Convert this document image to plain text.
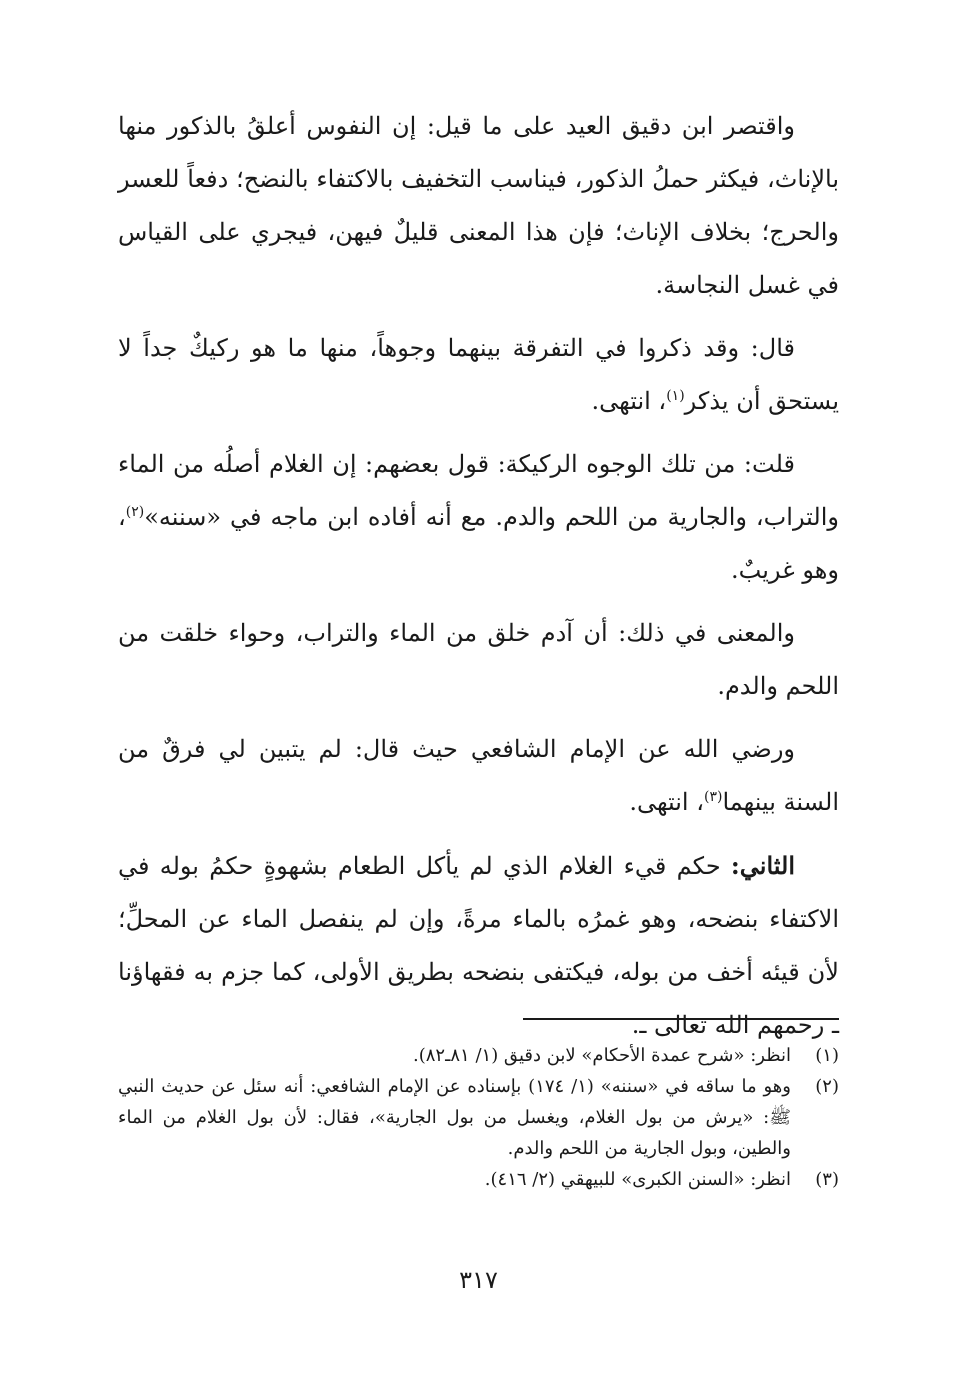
واقتصر ابن دقيق العيد على ما قيل: إن النفوس أعلقُ بالذكور منها بالإناث، فيكثر حملُ الذكور، فيناسب التخفيف بالاكتفاء بالنضح؛ دفعاً للعسر والحرج؛ بخلاف الإناث؛ فإن هذا المعنى قليلٌ فيهن، فيجري على القياس في غسل النجاسة.

قال: وقد ذكروا في التفرقة بينهما وجوهاً، منها ما هو ركيكٌ جداً لا يستحق أن يذكر$^{(١)}$، انتهى.

قلت: من تلك الوجوه الركيكة: قول بعضهم: إن الغلام أصلُه من الماء والتراب، والجارية من اللحم والدم. مع أنه أفاده ابن ماجه في «سننه»$^{(٢)}$، وهو غريبٌ.

والمعنى في ذلك: أن آدم خلق من الماء والتراب، وحواء خلقت من اللحم والدم.

ورضي الله عن الإمام الشافعي حيث قال: لم يتبين لي فرقٌ من السنة بينهما$^{(٣)}$، انتهى.

الثاني: حكم قيء الغلام الذي لم يأكل الطعام بشهوةٍ حكمُ بوله في الاكتفاء بنضحه، وهو غمرُه بالماء مرةً، وإن لم ينفصل الماء عن المحلِّ؛ لأن قيئه أخف من بوله، فيكتفى بنضحه بطريق الأولى، كما جزم به فقهاؤنا ـ رحمهم الله تعالى ـ.

(١)
انظر: «شرح عمدة الأحكام» لابن دقيق (١/ ٨١ـ٨٢).
(٢)
وهو ما ساقه في «سننه» (١/ ١٧٤) بإسناده عن الإمام الشافعي: أنه سئل عن حديث النبي ﷺ: «يرش من بول الغلام، ويغسل من بول الجارية»، فقال: لأن بول الغلام من الماء والطين، وبول الجارية من اللحم والدم.
(٣)
انظر: «السنن الكبرى» للبيهقي (٢/ ٤١٦).
٣١٧
